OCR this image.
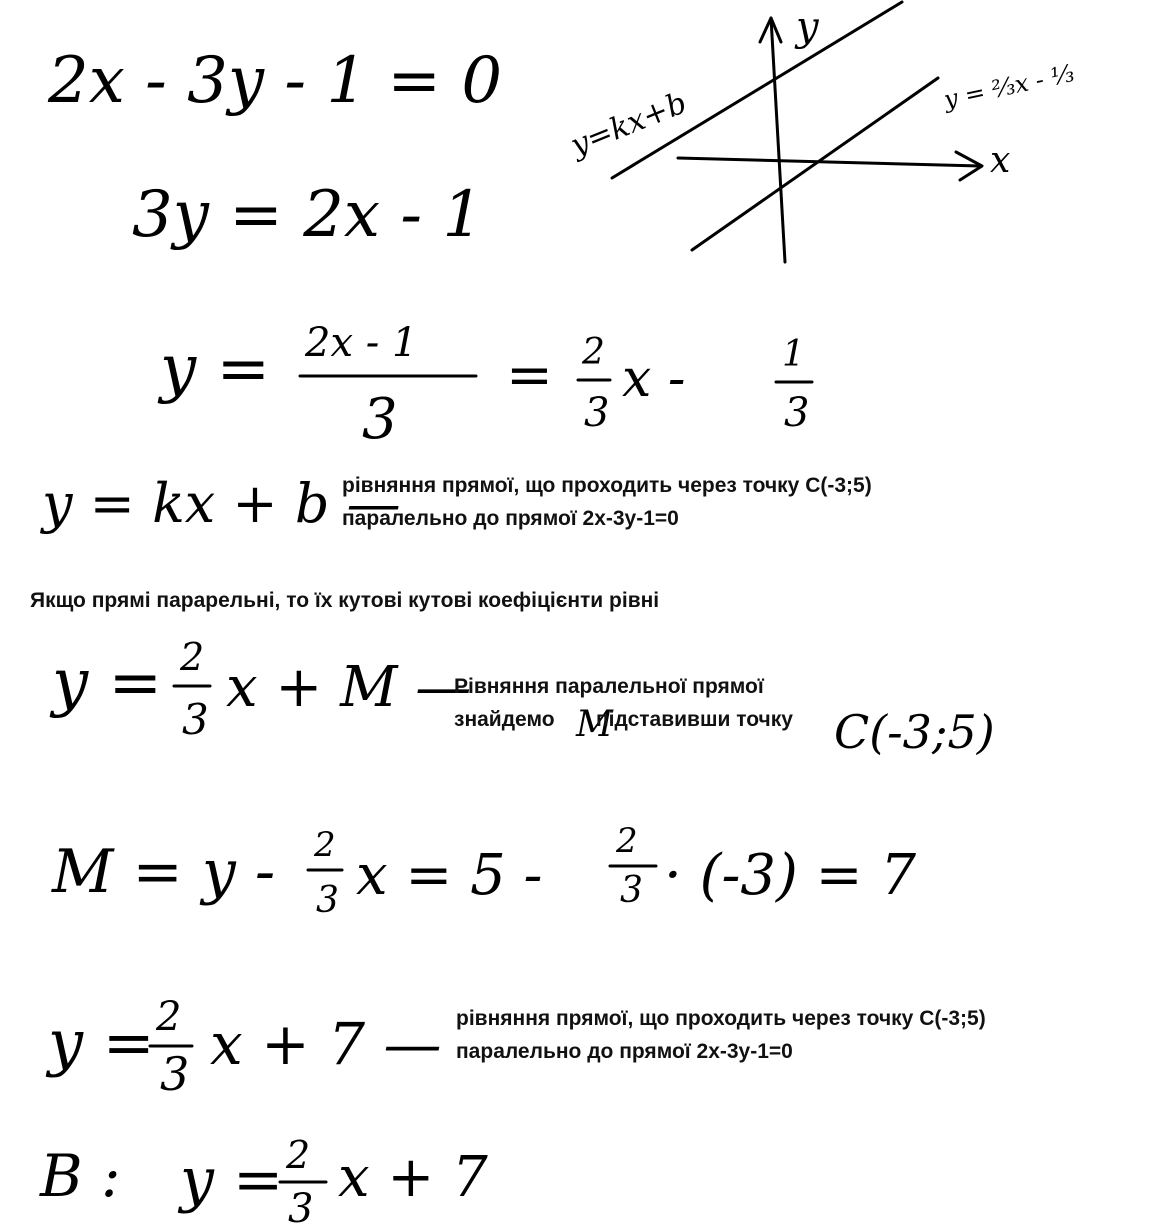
2x - 3y - 1 = 0
3y = 2x - 1
y = 2x - 1
3
= 2
3
x -	1
3
y
x
y=kx+b	y = ⅔x - ⅓
y = kx + b —
y = 2
3 x + M —
M	C(-3;5)
M = y - 2
3 x = 5 -
2
3 · (-3) = 7
y = 2
3 x + 7 —
В : y = 2
3 x + 7

рівняння прямої, що проходить через точку С(-3;5)

паралельно до прямої 2х-3у-1=0

Якщо прямі парарельні, то їх кутові кутові коефіцієнти рівні

Рівняння паралельної прямої

знайдемо підставивши точку

рівняння прямої, що проходить через точку С(-3;5)

паралельно до прямої 2х-3у-1=0
